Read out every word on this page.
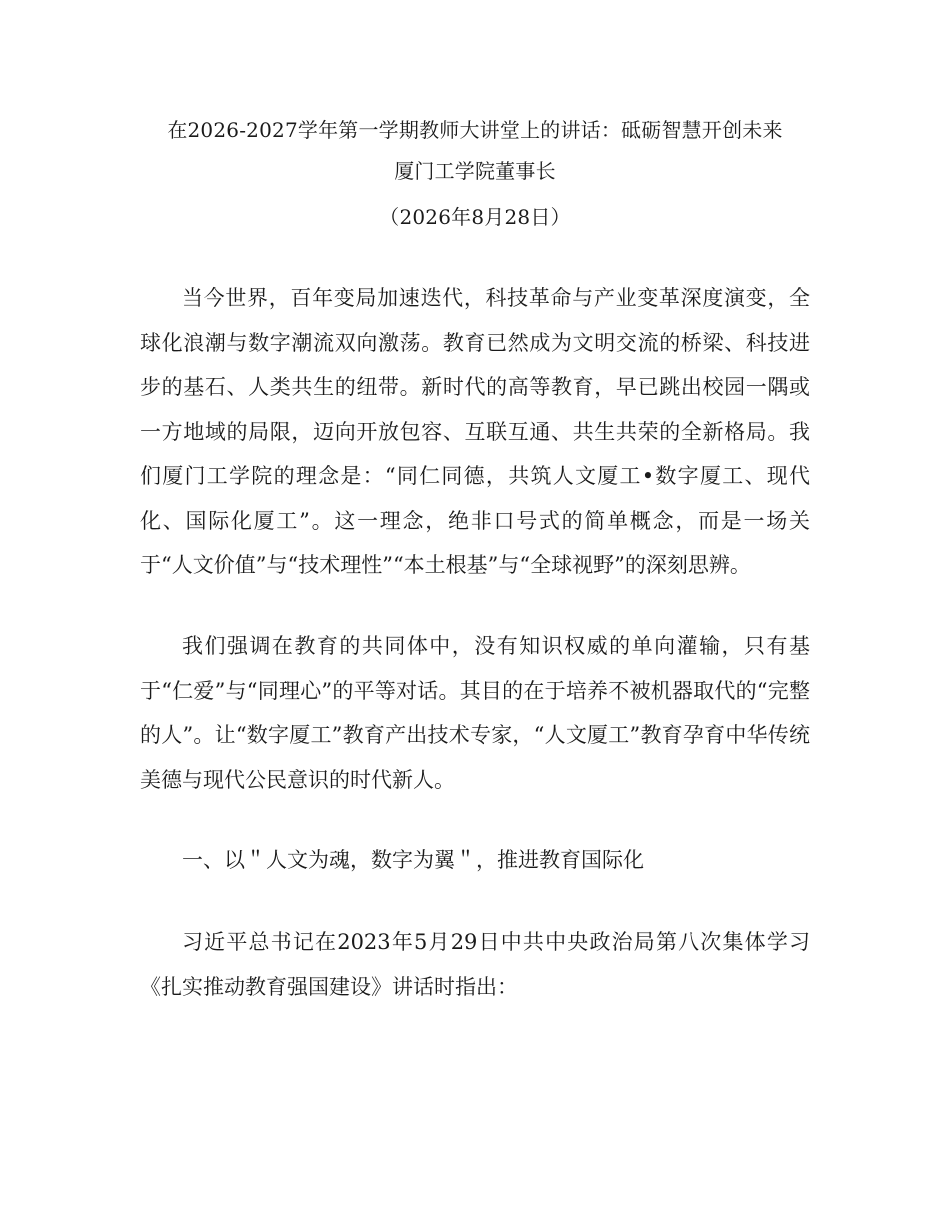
在2026-2027学年第一学期教师大讲堂上的讲话：砥砺智慧开创未来
厦门工学院董事长
（2026年8月28日）

当今世界，百年变局加速迭代，科技革命与产业变革深度演变，全球化浪潮与数字潮流双向激荡。教育已然成为文明交流的桥梁、科技进步的基石、人类共生的纽带。新时代的高等教育，早已跳出校园一隅或一方地域的局限，迈向开放包容、互联互通、共生共荣的全新格局。我们厦门工学院的理念是：“同仁同德，共筑人文厦工•数字厦工、现代化、国际化厦工”。这一理念，绝非口号式的简单概念，而是一场关于“人文价值”与“技术理性”“本土根基”与“全球视野”的深刻思辨。

我们强调在教育的共同体中，没有知识权威的单向灌输，只有基于“仁爱”与“同理心”的平等对话。其目的在于培养不被机器取代的“完整的人”。让“数字厦工”教育产出技术专家，“人文厦工”教育孕育中华传统美德与现代公民意识的时代新人。

一、以＂人文为魂，数字为翼＂，推进教育国际化

习近平总书记在2023年5月29日中共中央政治局第八次集体学习《扎实推动教育强国建设》讲话时指出：
